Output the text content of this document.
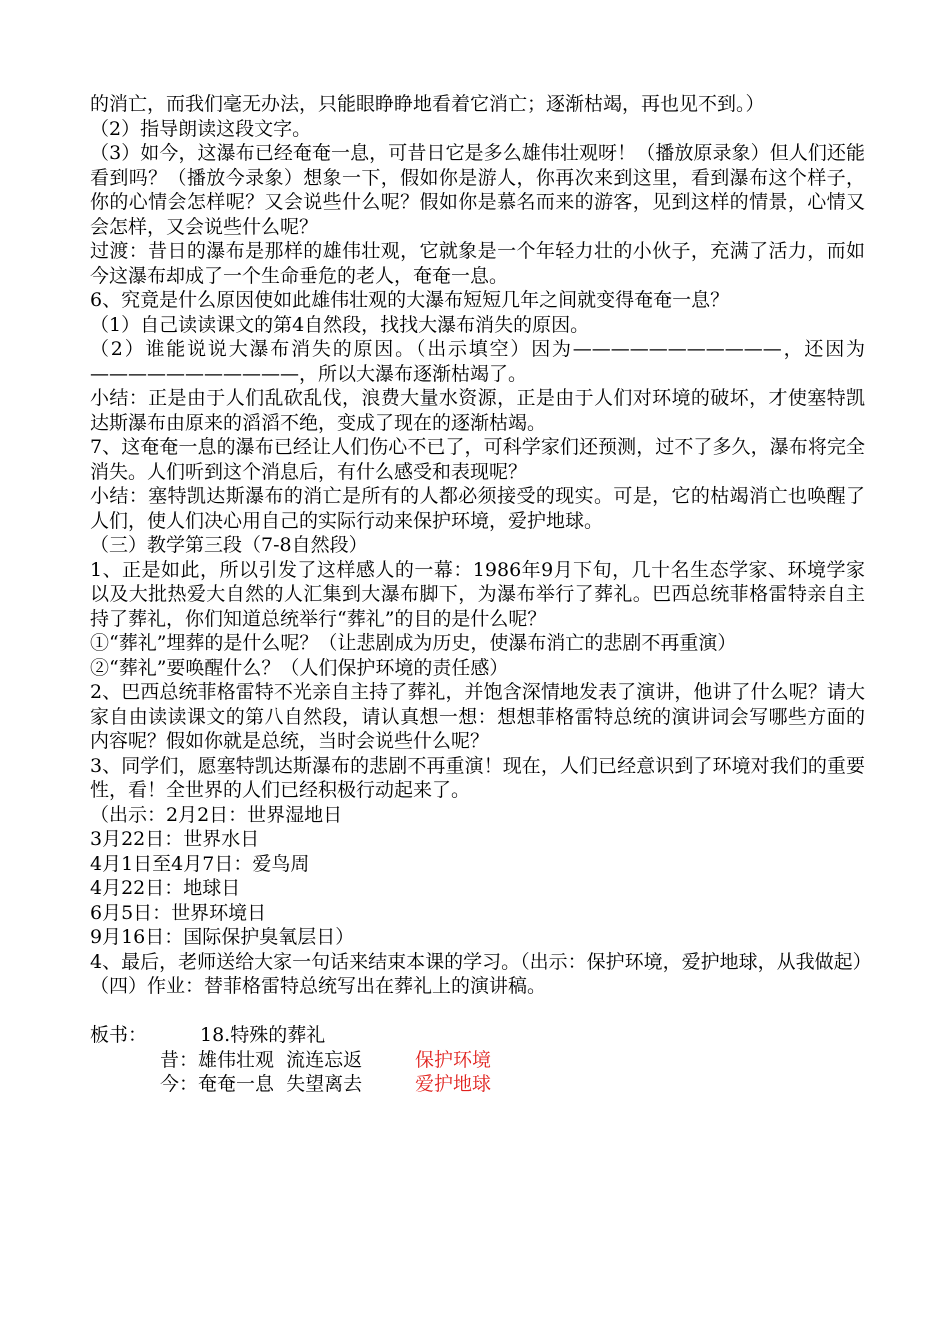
的消亡，而我们毫无办法，只能眼睁睁地看着它消亡；逐渐枯竭，再也见不到。）

（2）指导朗读这段文字。

（3）如今，这瀑布已经奄奄一息，可昔日它是多么雄伟壮观呀！（播放原录象）但人们还能看到吗？（播放今录象）想象一下，假如你是游人，你再次来到这里，看到瀑布这个样子，你的心情会怎样呢？又会说些什么呢？假如你是慕名而来的游客，见到这样的情景，心情又会怎样，又会说些什么呢？

过渡：昔日的瀑布是那样的雄伟壮观，它就象是一个年轻力壮的小伙子，充满了活力，而如今这瀑布却成了一个生命垂危的老人，奄奄一息。

6、究竟是什么原因使如此雄伟壮观的大瀑布短短几年之间就变得奄奄一息？

（1）自己读读课文的第4自然段，找找大瀑布消失的原因。

（2）谁能说说大瀑布消失的原因。（出示填空）因为———————————，还因为———————————，所以大瀑布逐渐枯竭了。

小结：正是由于人们乱砍乱伐，浪费大量水资源，正是由于人们对环境的破坏，才使塞特凯达斯瀑布由原来的滔滔不绝，变成了现在的逐渐枯竭。

7、这奄奄一息的瀑布已经让人们伤心不已了，可科学家们还预测，过不了多久，瀑布将完全消失。人们听到这个消息后，有什么感受和表现呢？

小结：塞特凯达斯瀑布的消亡是所有的人都必须接受的现实。可是，它的枯竭消亡也唤醒了人们，使人们决心用自己的实际行动来保护环境，爱护地球。

（三）教学第三段（7-8自然段）

1、正是如此，所以引发了这样感人的一幕：1986年9月下旬，几十名生态学家、环境学家以及大批热爱大自然的人汇集到大瀑布脚下，为瀑布举行了葬礼。巴西总统菲格雷特亲自主持了葬礼，你们知道总统举行“葬礼”的目的是什么呢？

①“葬礼”埋葬的是什么呢？（让悲剧成为历史，使瀑布消亡的悲剧不再重演）

②“葬礼”要唤醒什么？（人们保护环境的责任感）

2、巴西总统菲格雷特不光亲自主持了葬礼，并饱含深情地发表了演讲，他讲了什么呢？请大家自由读读课文的第八自然段，请认真想一想：想想菲格雷特总统的演讲词会写哪些方面的内容呢？假如你就是总统，当时会说些什么呢？

3、同学们，愿塞特凯达斯瀑布的悲剧不再重演！现在，人们已经意识到了环境对我们的重要性，看！全世界的人们已经积极行动起来了。

（出示：2月2日：世界湿地日

3月22日：世界水日

4月1日至4月7日：爱鸟周

4月22日：地球日

6月5日：世界环境日

9月16日：国际保护臭氧层日）

4、最后，老师送给大家一句话来结束本课的学习。（出示：保护环境，爱护地球，从我做起）

（四）作业：替菲格雷特总统写出在葬礼上的演讲稿。

板书：	18.特殊的葬礼
昔：雄伟壮观  流连忘返	保护环境
今：奄奄一息  失望离去	爱护地球
